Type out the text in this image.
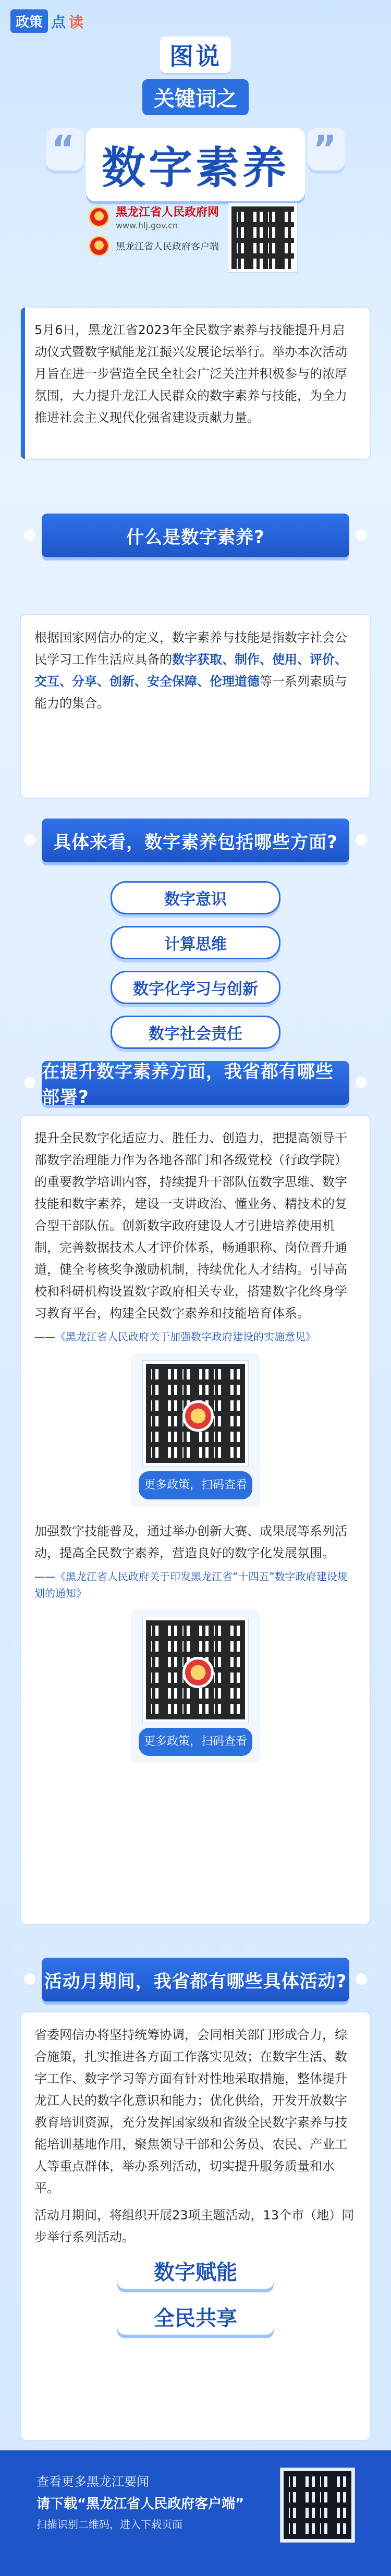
政策 点 读
图说
关键词之
“ 数字素养 ”
黑龙江省人民政府网
www.hlj.gov.cn
黑龙江省人民政府客户端
5月6日，黑龙江省2023年全民数字素养与技能提升月启动仪式暨数字赋能龙江振兴发展论坛举行。举办本次活动月旨在进一步营造全民全社会广泛关注并积极参与的浓厚氛围，大力提升龙江人民群众的数字素养与技能，为全力推进社会主义现代化强省建设贡献力量。
什么是数字素养?
根据国家网信办的定义，数字素养与技能是指数字社会公民学习工作生活应具备的数字获取、制作、使用、评价、交互、分享、创新、安全保障、伦理道德等一系列素质与能力的集合。
具体来看，数字素养包括哪些方面?
数字意识
计算思维
数字化学习与创新
数字社会责任
在提升数字素养方面，我省都有哪些部署?
提升全民数字化适应力、胜任力、创造力，把提高领导干部数字治理能力作为各地各部门和各级党校（行政学院）的重要教学培训内容，持续提升干部队伍数字思维、数字技能和数字素养，建设一支讲政治、懂业务、精技术的复合型干部队伍。创新数字政府建设人才引进培养使用机制，完善数据技术人才评价体系，畅通职称、岗位晋升通道，健全考核奖争激励机制，持续优化人才结构。引导高校和科研机构设置数字政府相关专业，搭建数字化终身学习教育平台，构建全民数字素养和技能培育体系。
——《黑龙江省人民政府关于加强数字政府建设的实施意见》
更多政策，扫码查看
加强数字技能普及，通过举办创新大赛、成果展等系列活动，提高全民数字素养，营造良好的数字化发展氛围。
——《黑龙江省人民政府关于印发黑龙江省“十四五”数字政府建设规划的通知》
更多政策，扫码查看
活动月期间，我省都有哪些具体活动?
省委网信办将坚持统筹协调，会同相关部门形成合力，综合施策，扎实推进各方面工作落实见效；在数字生活、数字工作、数字学习等方面有针对性地采取措施，整体提升龙江人民的数字化意识和能力；优化供给，开发开放数字教育培训资源，充分发挥国家级和省级全民数字素养与技能培训基地作用，聚焦领导干部和公务员、农民、产业工人等重点群体，举办系列活动，切实提升服务质量和水平。
活动月期间，将组织开展23项主题活动，13个市（地）同步举行系列活动。
数字赋能
全民共享
查看更多黑龙江要闻
请下载“黑龙江省人民政府客户端”
扫描识别二维码，进入下载页面
